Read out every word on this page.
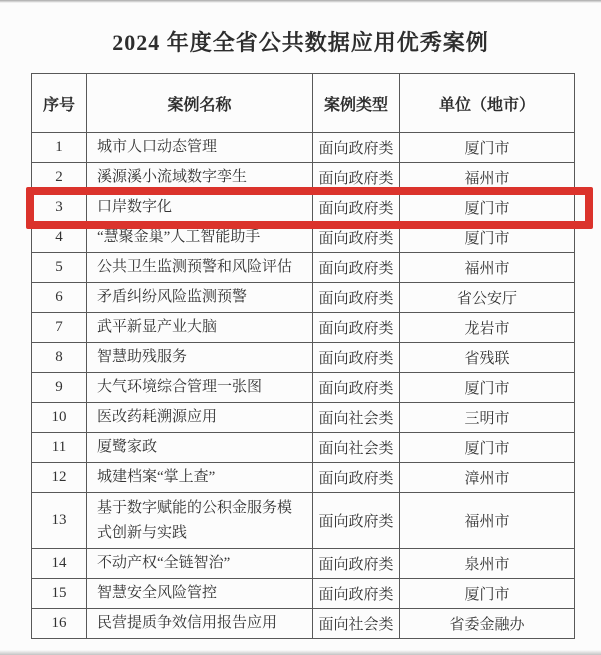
2024 年度全省公共数据应用优秀案例
序号	案例名称	案例类型	单位（地市）
1	城市人口动态管理	面向政府类	厦门市
2	溪源溪小流域数字孪生	面向政府类	福州市
3	口岸数字化	面向政府类	厦门市
4	“慧聚金巢”人工智能助手	面向政府类	厦门市
5	公共卫生监测预警和风险评估	面向政府类	福州市
6	矛盾纠纷风险监测预警	面向政府类	省公安厅
7	武平新显产业大脑	面向政府类	龙岩市
8	智慧助残服务	面向政府类	省残联
9	大气环境综合管理一张图	面向政府类	厦门市
10	医改药耗溯源应用	面向社会类	三明市
11	厦鹭家政	面向社会类	厦门市
12	城建档案“掌上查”	面向政府类	漳州市
13	基于数字赋能的公积金服务模式创新与实践	面向政府类	福州市
14	不动产权“全链智治”	面向政府类	泉州市
15	智慧安全风险管控	面向政府类	厦门市
16	民营提质争效信用报告应用	面向社会类	省委金融办
